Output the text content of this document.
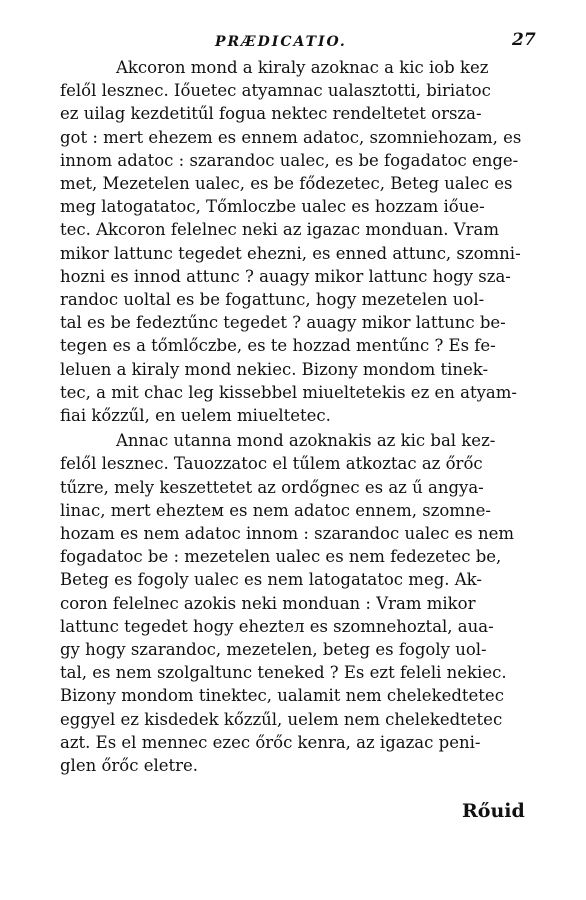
PRÆDICATIO.	27
Akcoron mond a kiraly azoknac a kic iob kez
felől lesznec. Iőuetec atyamnac ualasztotti, biriatoc
ez uilag kezdetitűl fogua nektec rendeltetet orsza-
got : mert ehezem es ennem adatoc, szomniehozam, es
innom adatoc : szarandoc ualec, es be fogadatoc enge-
met, Mezetelen ualec, es be fődezetec, Beteg ualec es
meg latogatatoc, Tőmloczbe ualec es hozzam iőue-
tec. Akcoron felelnec neki az igazac monduan. Vram
mikor lattunc tegedet ehezni, es enned attunc, szomni-
hozni es innod attunc ? auagy mikor lattunc hogy sza-
randoc uoltal es be fogattunc, hogy mezetelen uol-
tal es be fedeztűnc tegedet ? auagy mikor lattunc be-
tegen es a tőmlőczbe, es te hozzad mentűnc ? Es fe-
leluen a kiraly mond nekiec. Bizony mondom tinek-
tec, a mit chac leg kissebbel miueltetekis ez en atyam-
fiai kőzzűl, en uelem miueltetec.
Annac utanna mond azoknakis az kic bal kez-
felől lesznec. Tauozzatoc el tűlem atkoztac az őrőc
tűzre, mely keszettetet az ordőgnec es az ű angya-
linac, mert ehezteм es nem adatoc ennem, szomne-
hozam es nem adatoc innom : szarandoc ualec es nem
fogadatoc be : mezetelen ualec es nem fedezetec be,
Beteg es fogoly ualec es nem latogatatoc meg. Ak-
coron felelnec azokis neki monduan : Vram mikor
lattunc tegedet hogy ehezteл es szomnehoztal, aua-
gy hogy szarandoc, mezetelen, beteg es fogoly uol-
tal, es nem szolgaltunc teneked ? Es ezt feleli nekiec.
Bizony mondom tinektec, ualamit nem chelekedtetec
eggyel ez kisdedek kőzzűl, uelem nem chelekedtetec
azt. Es el mennec ezec őrőc kenra, az igazac peni-
glen őrőc eletre.
Rőuid
